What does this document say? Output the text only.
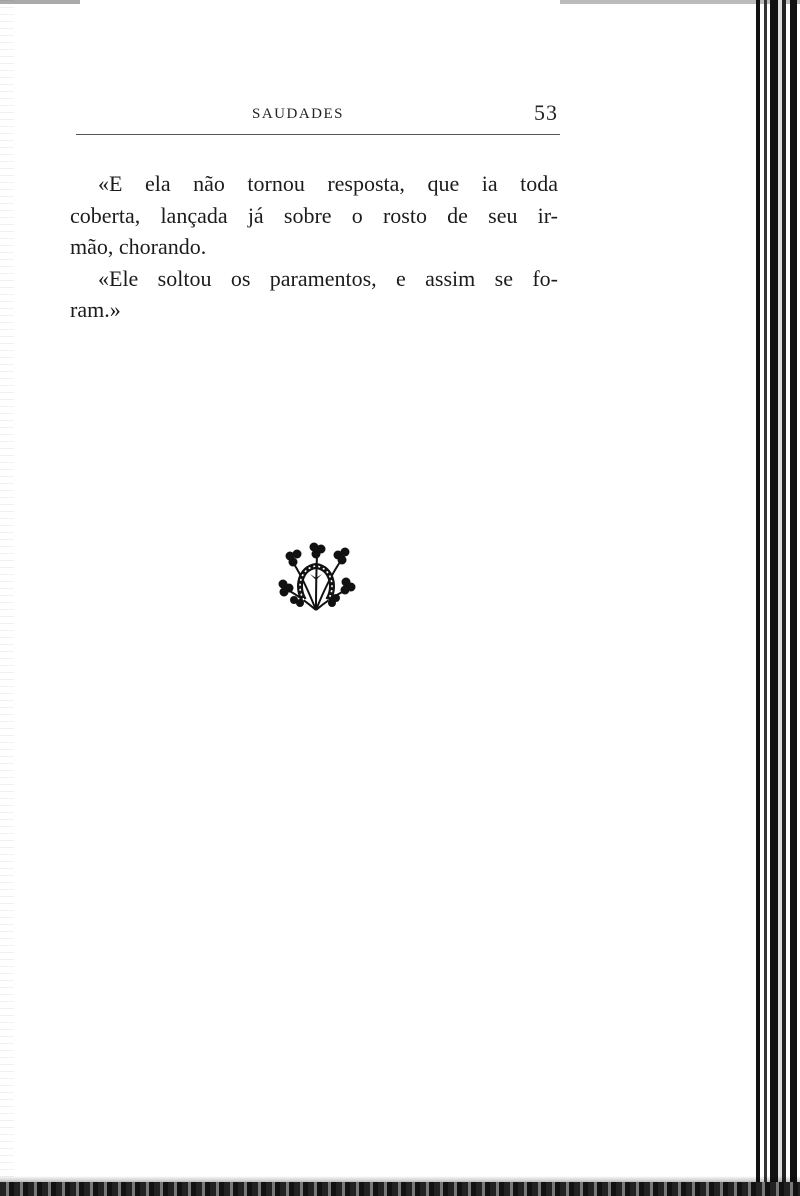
SAUDADES	53
«E ela não tornou resposta, que ia toda
coberta, lançada já sobre o rosto de seu ir-
mão, chorando.
«Ele soltou os paramentos, e assim se fo-
ram.»
